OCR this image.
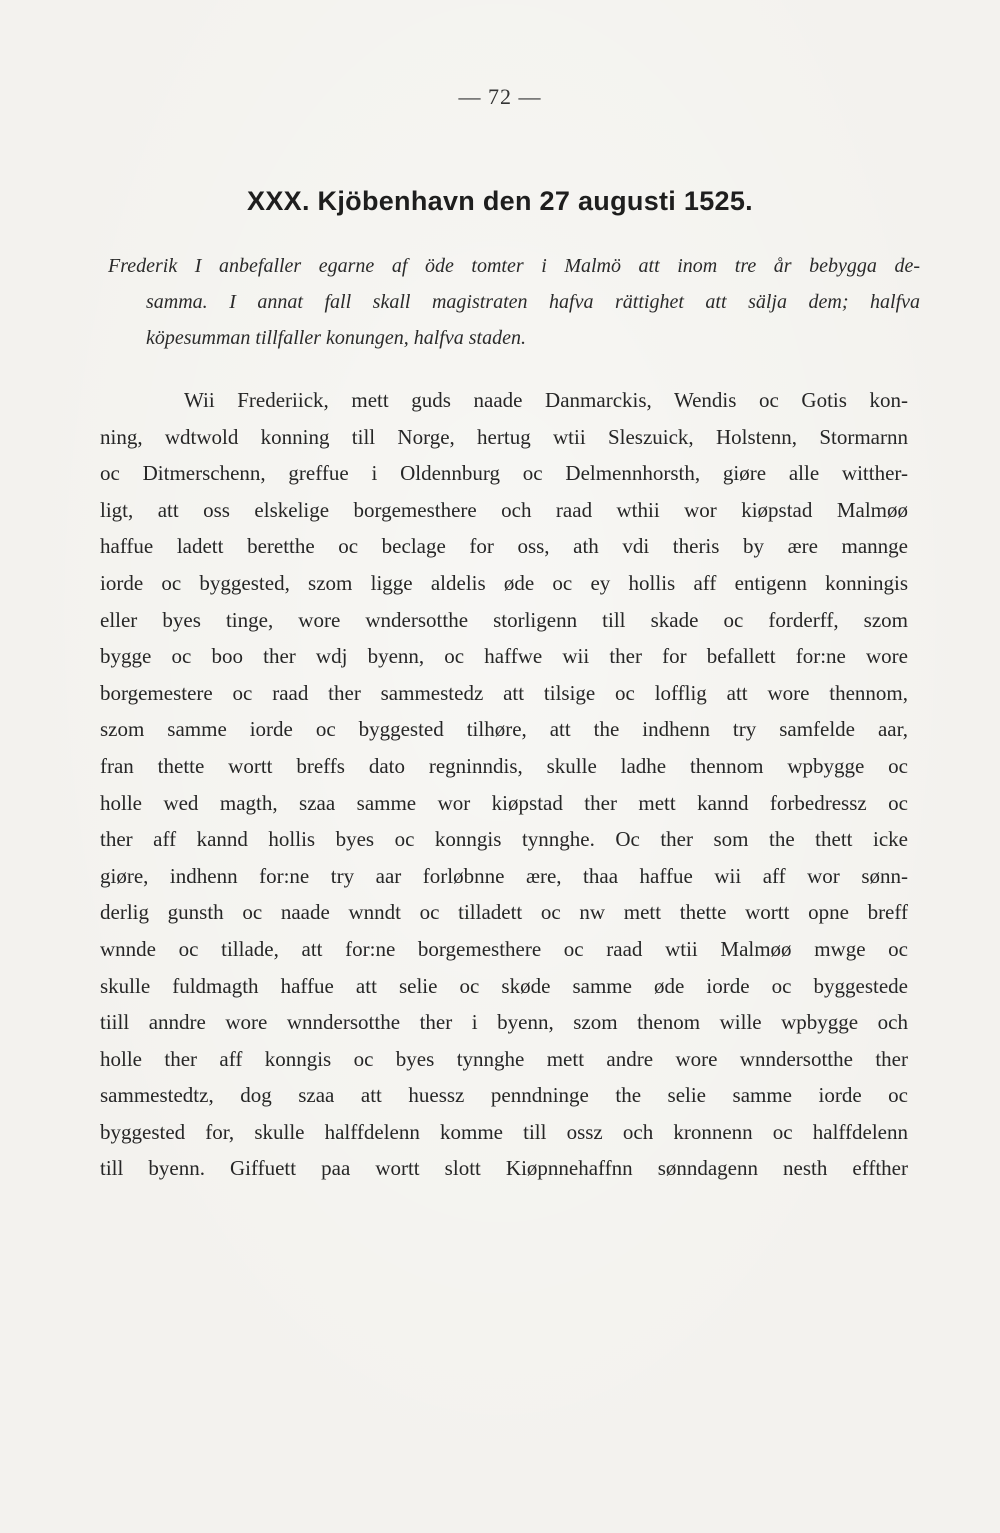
— 72 —
XXX. Kjöbenhavn den 27 augusti 1525.
Frederik I anbefaller egarne af öde tomter i Malmö att inom tre år bebygga de-
samma. I annat fall skall magistraten hafva rättighet att sälja dem; halfva
köpesumman tillfaller konungen, halfva staden.
Wii Frederiick, mett guds naade Danmarckis, Wendis oc Gotis kon-
ning, wdtwold konning till Norge, hertug wtii Sleszuick, Holstenn, Stormarnn
oc Ditmerschenn, greffue i Oldennburg oc Delmennhorsth, giøre alle witther-
ligt, att oss elskelige borgemesthere och raad wthii wor kiøpstad Malmøø
haffue ladett beretthe oc beclage for oss, ath vdi theris by ære mannge
iorde oc byggested, szom ligge aldelis øde oc ey hollis aff entigenn konningis
eller byes tinge, wore wndersotthe storligenn till skade oc forderff, szom
bygge oc boo ther wdj byenn, oc haffwe wii ther for befallett for:ne wore
borgemestere oc raad ther sammestedz att tilsige oc lofflig att wore thennom,
szom samme iorde oc byggested tilhøre, att the indhenn try samfelde aar,
fran thette wortt breffs dato regninndis, skulle ladhe thennom wpbygge oc
holle wed magth, szaa samme wor kiøpstad ther mett kannd forbedressz oc
ther aff kannd hollis byes oc konngis tynnghe. Oc ther som the thett icke
giøre, indhenn for:ne try aar forløbnne ære, thaa haffue wii aff wor sønn-
derlig gunsth oc naade wnndt oc tilladett oc nw mett thette wortt opne breff
wnnde oc tillade, att for:ne borgemesthere oc raad wtii Malmøø mwge oc
skulle fuldmagth haffue att selie oc skøde samme øde iorde oc byggestede
tiill anndre wore wnndersotthe ther i byenn, szom thenom wille wpbygge och
holle ther aff konngis oc byes tynnghe mett andre wore wnndersotthe ther
sammestedtz, dog szaa att huessz penndninge the selie samme iorde oc
byggested for, skulle halffdelenn komme till ossz och kronnenn oc halffdelenn
till byenn. Giffuett paa wortt slott Kiøpnnehaffnn sønndagenn nesth effther
